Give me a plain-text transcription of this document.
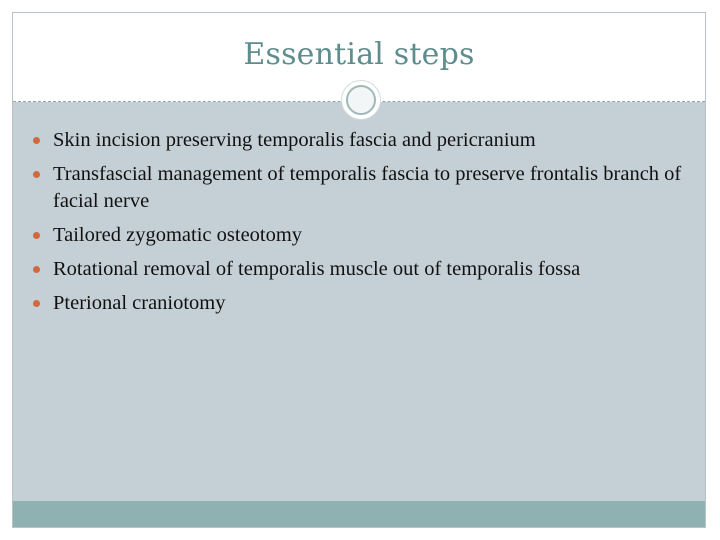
Essential steps
Skin incision preserving temporalis fascia and pericranium
Transfascial management of temporalis fascia to preserve frontalis branch of facial nerve
Tailored zygomatic osteotomy
Rotational removal of temporalis muscle out of temporalis fossa
Pterional craniotomy
